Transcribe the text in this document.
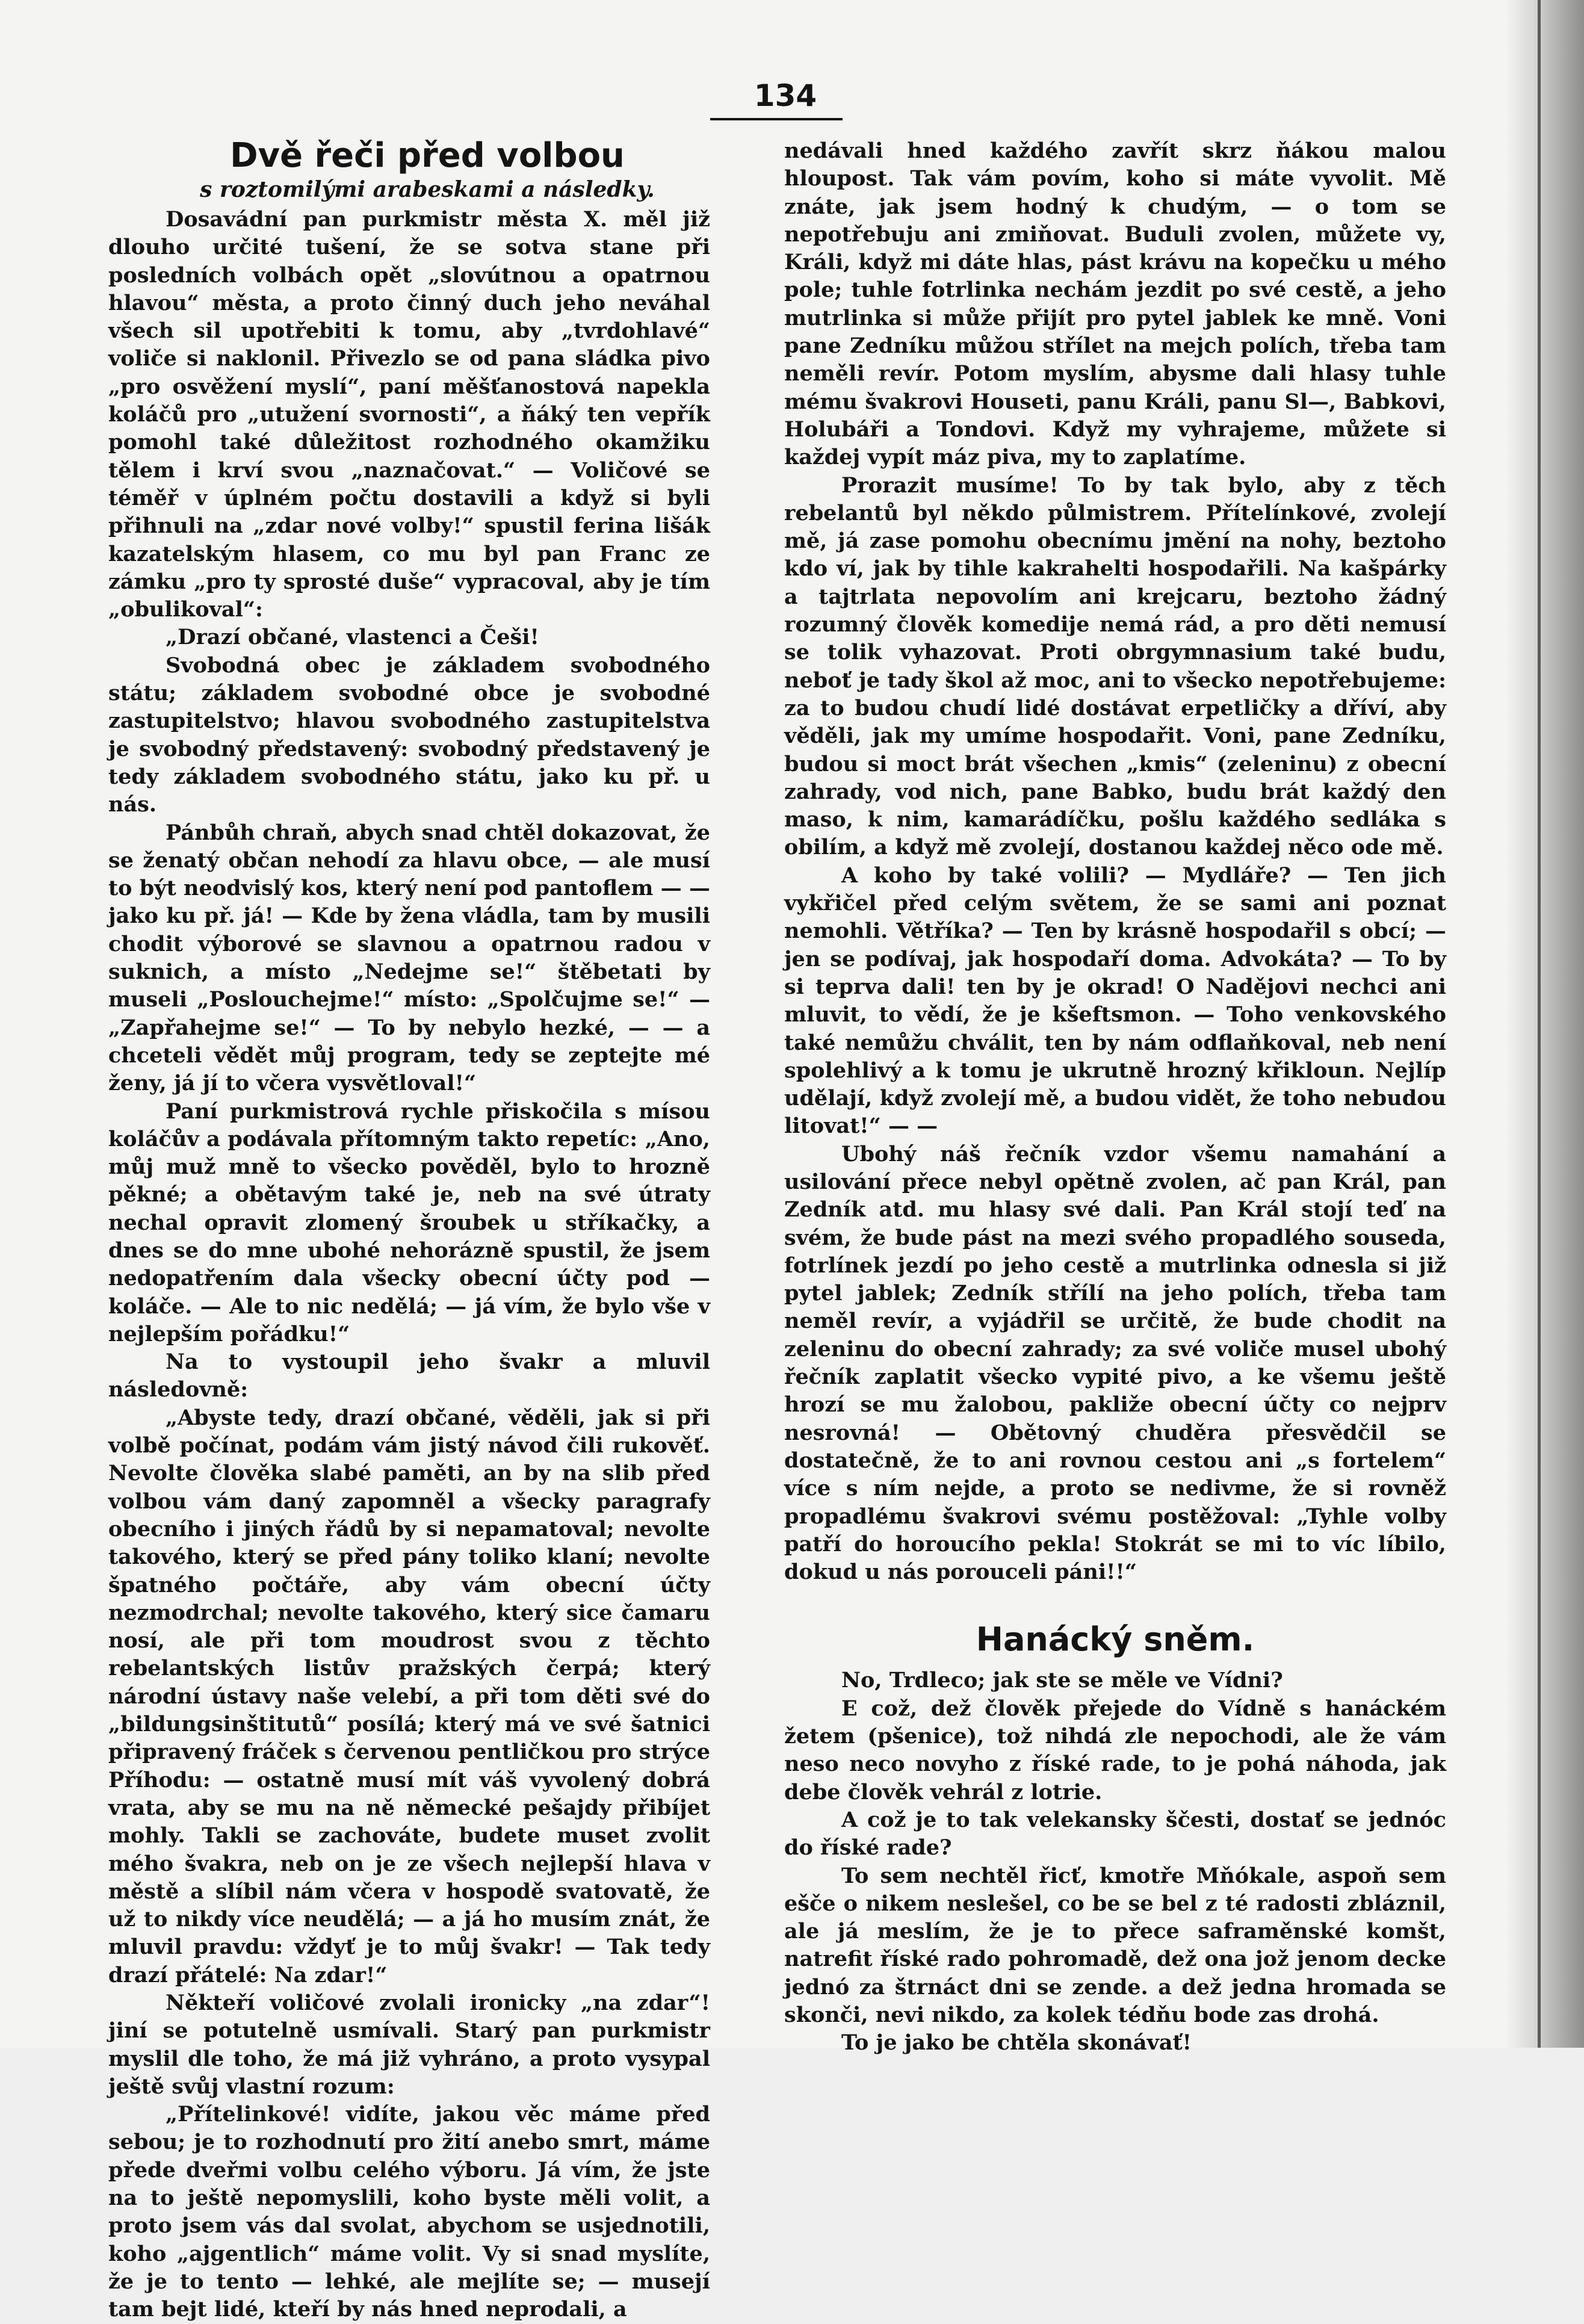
134
Dvě řeči před volbou
s roztomilými arabeskami a následky.

Dosavádní pan purkmistr města X. měl již dlouho určité tušení, že se sotva stane při posledních volbách opět „slovútnou a opatrnou hlavou“ města, a proto činný duch jeho neváhal všech sil upotřebiti k tomu, aby „tvrdohlavé“ voliče si naklonil. Přivezlo se od pana sládka pivo „pro osvěžení myslí“, paní měšťanostová napekla koláčů pro „utužení svornosti“, a ňáký ten vepřík pomohl také důležitost rozhodného okamžiku tělem i krví svou „naznačovat.“ — Voličové se téměř v úplném počtu dostavili a když si byli přihnuli na „zdar nové volby!“ spustil ferina lišák kazatelským hlasem, co mu byl pan Franc ze zámku „pro ty sprosté duše“ vypracoval, aby je tím „obulikoval“:

„Drazí občané, vlastenci a Češi!

Svobodná obec je základem svobodného státu; základem svobodné obce je svobodné zastupitelstvo; hlavou svobodného zastupitelstva je svobodný představený: svobodný představený je tedy základem svobodného státu, jako ku př. u nás.

Pánbůh chraň, abych snad chtěl dokazovat, že se ženatý občan nehodí za hlavu obce, — ale musí to být neodvislý kos, který není pod pantoflem — — jako ku př. já! — Kde by žena vládla, tam by musili chodit výborové se slavnou a opatrnou radou v suknich, a místo „Nedejme se!“ štěbetati by museli „Poslouchejme!“ místo: „Spolčujme se!“ — „Zapřahejme se!“ — To by nebylo hezké, — — a chceteli vědět můj program, tedy se zeptejte mé ženy, já jí to včera vysvětloval!“

Paní purkmistrová rychle přiskočila s mísou koláčův a podávala přítomným takto repetíc: „Ano, můj muž mně to všecko pověděl, bylo to hrozně pěkné; a obětavým také je, neb na své útraty nechal opravit zlomený šroubek u stříkačky, a dnes se do mne ubohé nehoráznĕ spustil, že jsem nedopatřením dala všecky obecní účty pod — koláče. — Ale to nic nedělá; — já vím, že bylo vše v nejlepším pořádku!“

Na to vystoupil jeho švakr a mluvil následovně:

„Abyste tedy, drazí občané, věděli, jak si při volbě počínat, podám vám jistý návod čili rukověť. Nevolte člověka slabé paměti, an by na slib před volbou vám daný zapomněl a všecky paragrafy obecního i jiných řádů by si nepamatoval; nevolte takového, který se před pány tolikо klaní; nevolte špatného počtáře, aby vám obecní účty nezmodrchal; nevolte takového, který sice čamaru nosí, ale při tom moudrost svou z těchto rebelantských listův pražských čerpá; který národní ústavy naše velebí, a při tom děti své do „bildungsinštitutů“ posílá; který má ve své šatnici připravený fráček s červenou pentličkou pro strýce Příhodu: — ostatně musí mít váš vyvolený dobrá vrata, aby se mu na ně německé pešajdy přibíjet mohly. Takli se zachováte, budete muset zvolit mého švakra, neb on je ze všech nejlepší hlava v městě a slíbil nám včera v hospodě svatovatě, že už to nikdy více neudělá; — a já ho musím znát, že mluvil pravdu: vždyť je to můj švakr! — Tak tedy drazí přátelé: Na zdar!“

Někteří voličové zvolali ironicky „na zdar“! jiní se potutelně usmívali. Starý pan purkmistr myslil dle toho, že má již vyhráno, a proto vysypal ještě svůj vlastní rozum:

„Přítelinkové! vidíte, jakou věc máme před sebou; je to rozhodnutí pro žití anebo smrt, máme přede dveřmi volbu celého výboru. Já vím, že jste na to ještě nepomyslili, koho byste měli volit, a proto jsem vás dal svolat, abychom se usjednotili, koho „ajgentlich“ máme volit. Vy si snad myslíte, že je to tento — lehké, ale mejlíte se; — musejí tam bejt lidé, kteří by nás hned neprodali, a

nedávali hned každého zavřít skrz ňákou malou hloupost. Tak vám povím, koho si máte vyvolit. Mě znáte, jak jsem hodný k chudým, — o tom se nepotřebuju ani zmiňovat. Buduli zvolen, můžete vy, Králi, když mi dáte hlas, pást krávu na kopečku u mého pole; tuhle fotrlinka nechám jezdit po své cestě, a jeho mutrlinka si může přijít pro pytel jablek ke mně. Voni pane Zedníku můžou střílet na mejch polích, třeba tam neměli revír. Potom myslím, abysme dali hlasy tuhle mému švakrovi Houseti, panu Králi, panu Sl—, Babkovi, Holubáři a Tondovi. Když my vyhrajeme, můžete si každej vypít máz piva, my to zaplatíme.

Prorazit musíme! To by tak bylo, aby z těch rebelantů byl někdo půlmistrem. Přítelínkové, zvolejí mě, já zase pomohu obecnímu jmění na nohy, beztoho kdo ví, jak by tihle kakrahelti hospodařili. Na kašpárky a tajtrlata nepovolím ani krejcaru, beztoho žádný rozumný člověk komedije nemá rád, a pro děti nemusí se tolik vyhazovat. Proti obrgymnasium také budu, neboť je tady škol až moc, ani to všecko nepotřebujeme: za to budou chudí lidé dostávat erpetličky a dříví, aby věděli, jak my umíme hospodařit. Voni, pane Zedníku, budou si moct brát všechen „kmis“ (zeleninu) z obecní zahrady, vod nich, pane Babko, budu brát každý den maso, k nim, kamarádíčku, pošlu každého sedláka s obilím, a když mě zvolejí, dostanou každej něco ode mě.

A koho by také volili? — Mydláře? — Ten jich vykřičel před celým světem, že se sami ani poznat nemohli. Větříka? — Ten by krásně hospodařil s obcí; — jen se podívaj, jak hospodaří doma. Advokáta? — To by si teprva dali! ten by je okrad! O Nadějovi nechci ani mluvit, to vědí, že je kšeftsmon. — Toho venkovského také nemůžu chválit, ten by nám odflaňkoval, neb není spolehlivý a k tomu je ukrutně hrozný křikloun. Nejlíp udělají, když zvolejí mě, a budou vidět, že toho nebudou litovat!“ — —

Ubohý náš řečník vzdor všemu namahání a usilování přece nebyl opětně zvolen, ač pan Král, pan Zedník atd. mu hlasy své dali. Pan Král stojí teď na svém, že bude pást na mezi svého propadlého souseda, fotrlínek jezdí po jeho cestě a mutrlinka odnesla si již pytel jablek; Zedník střílí na jeho polích, třeba tam neměl revír, a vyjádřil se určitě, že bude chodit na zeleninu do obecní zahrady; za své voliče musel ubohý řečník zaplatit všecko vypité pivo, a ke všemu ještě hrozí se mu žalobou, pakliže obecní účty co nejprv nesrovná! — Obětovný chuděra přesvědčil se dostatečně, že to ani rovnou cestou ani „s fortelem“ více s ním nejde, a proto se nedivme, že si rovněž propadlému švakrovi svému postěžoval: „Tyhle volby patří do horoucího pekla! Stokrát se mi to víc líbilo, dokud u nás porouceli páni!!“

Hanácký sněm.

No, Trdleco; jak ste se měle ve Vídni?

E což, dež člověk přejede do Vídně s hanáckém žetem (pšenice), tož nihdá zle nepochodi, ale že vám neso neco novyho z říské rade, to je pohá náhoda, jak debe člověk vehrál z lotrie.

A což je to tak velekansky ščesti, dostať se jednóc do říské rade?

To sem nechtěl řicť, kmotře Mňókale, aspoň sem ešče o nikem neslešel, co be se bel z té radosti zbláznil, ale já meslím, že je to přece saframěnské komšt, natrefit říské rado pohromadě, dež ona jož jenom decke jednó za štrnáct dni se zende. a dež jedna hromada se skonči, nevi nikdo, za kolek tédňu bode zas drohá.

To je jako be chtěla skonávať!
